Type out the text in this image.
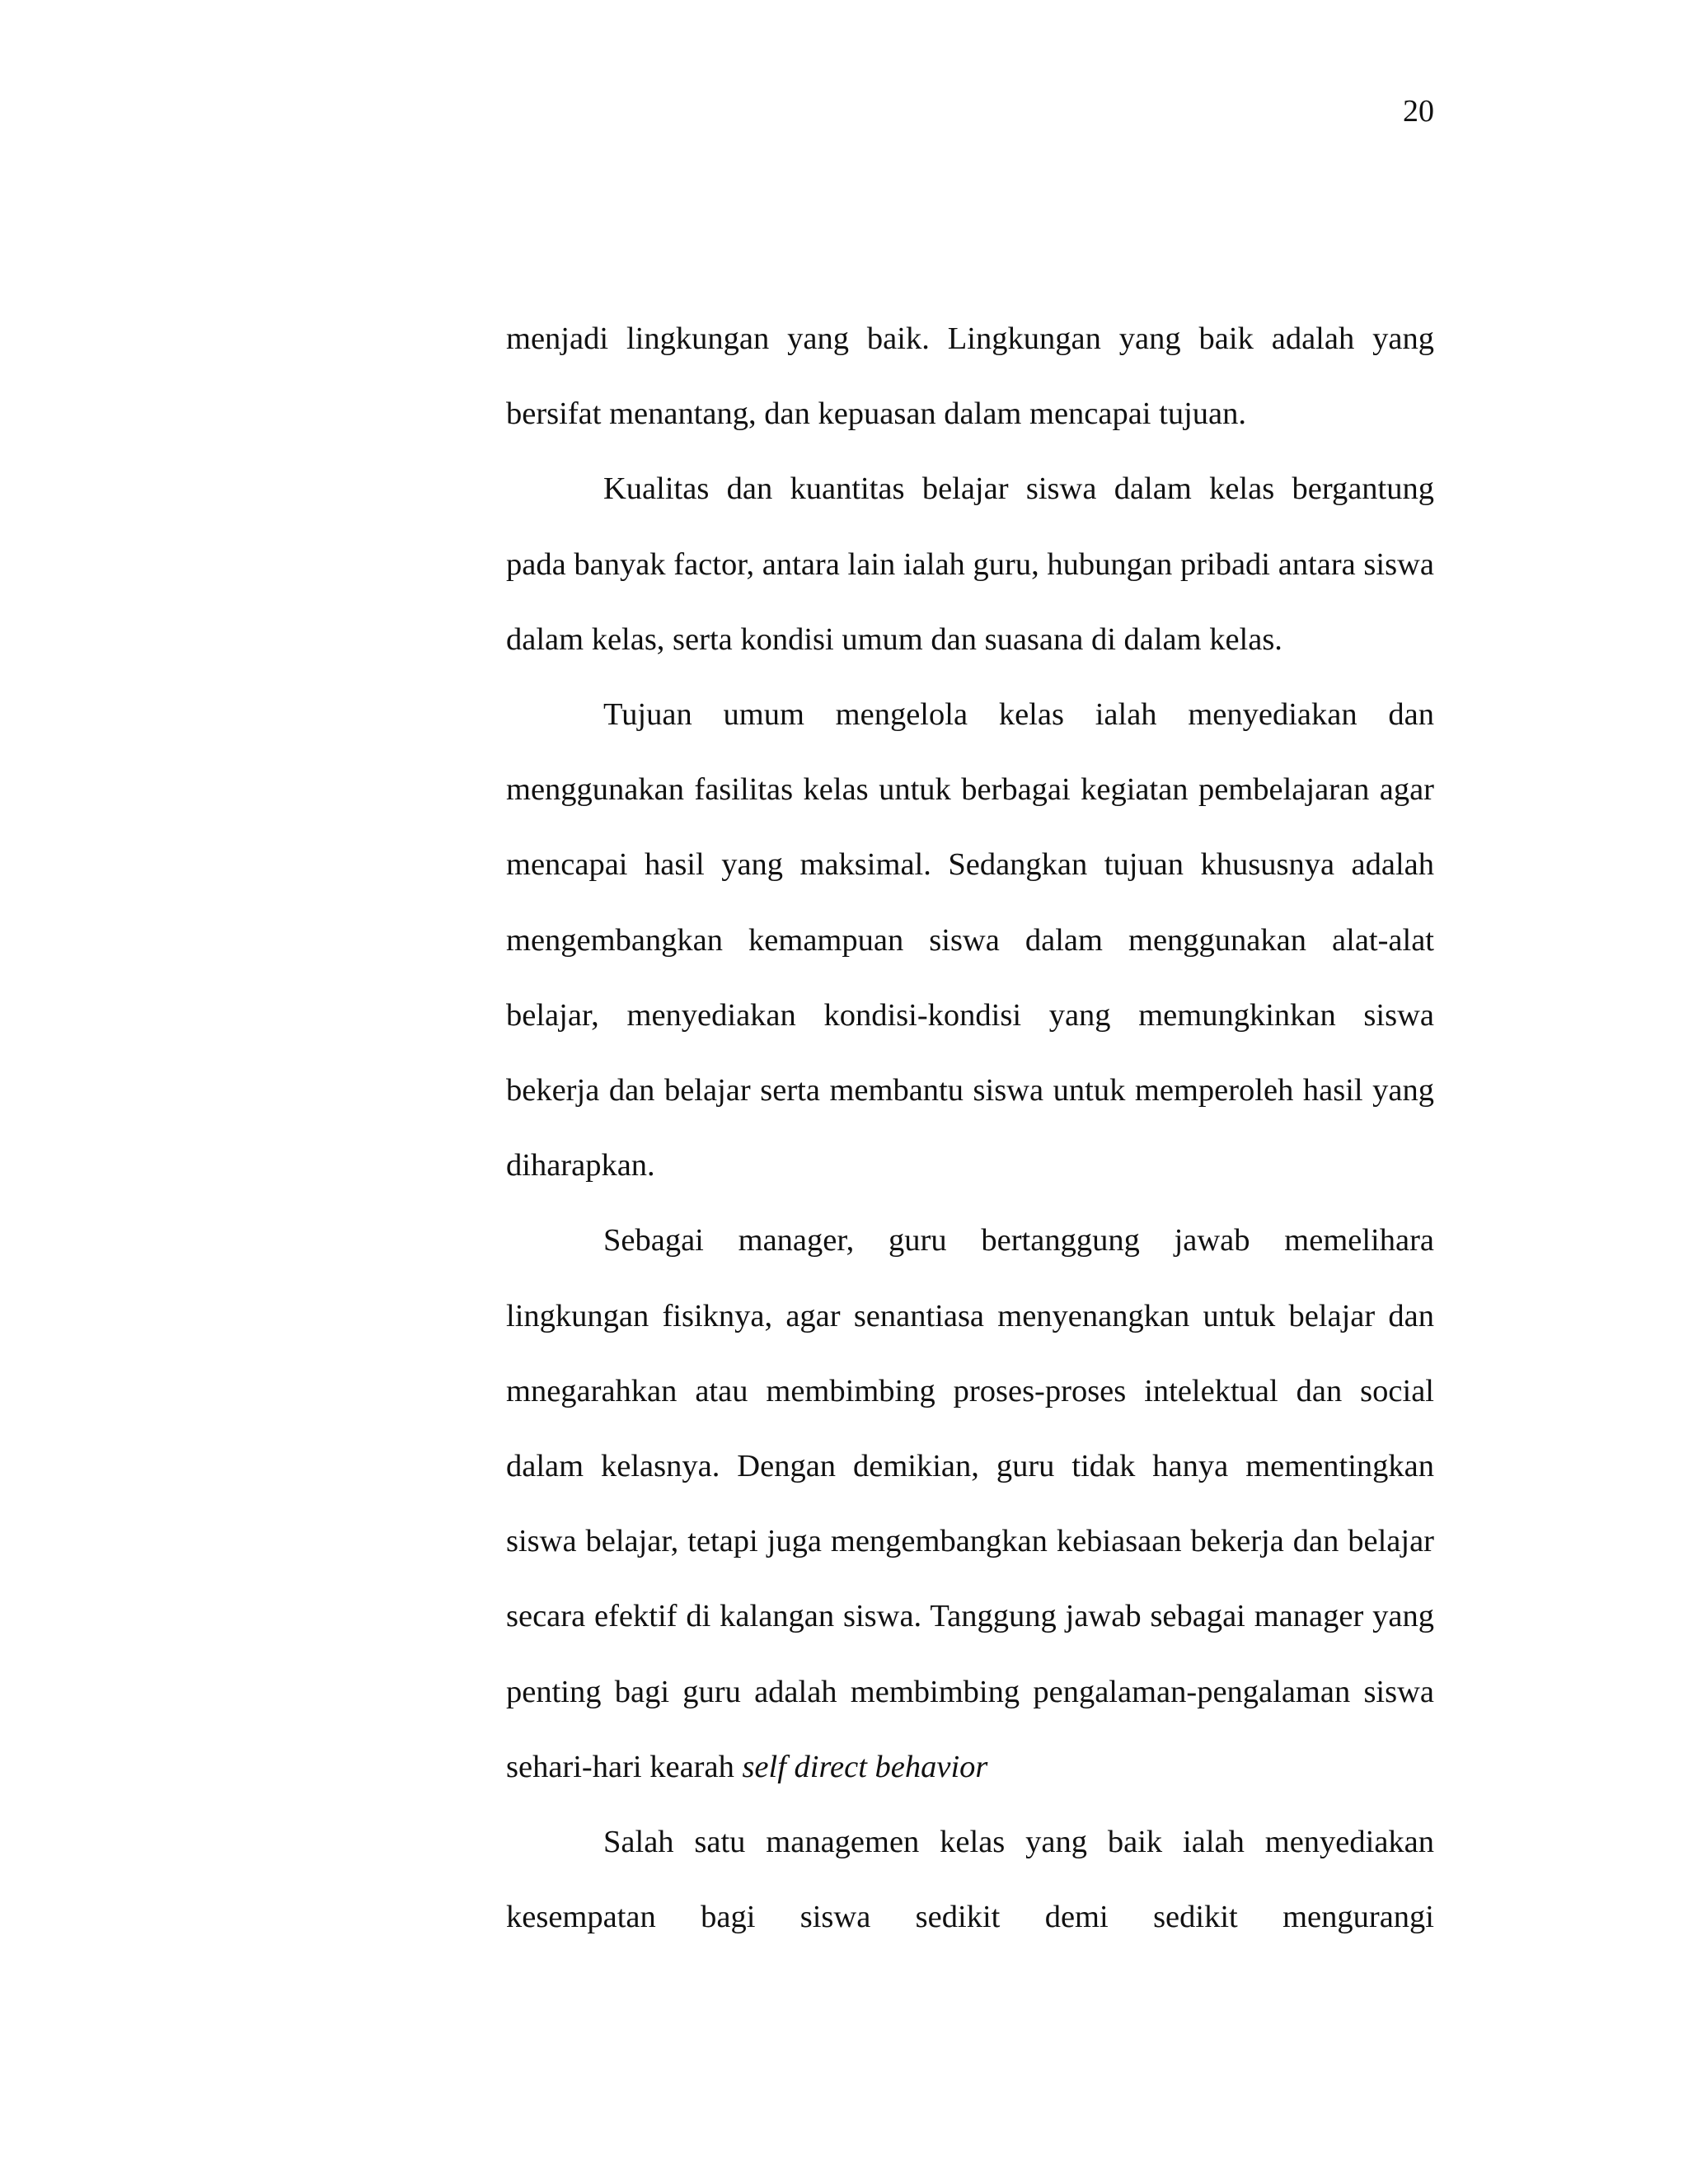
20

menjadi lingkungan yang baik. Lingkungan yang baik adalah yang bersifat menantang, dan kepuasan dalam mencapai tujuan.

Kualitas dan kuantitas belajar siswa dalam kelas bergantung pada banyak factor, antara lain ialah guru, hubungan pribadi antara siswa dalam kelas, serta kondisi umum dan suasana di dalam kelas.

Tujuan umum mengelola kelas ialah menyediakan dan menggunakan fasilitas kelas untuk berbagai kegiatan pembelajaran agar mencapai hasil yang maksimal. Sedangkan tujuan khususnya adalah mengembangkan kemampuan siswa dalam menggunakan alat-alat belajar, menyediakan kondisi-kondisi yang memungkinkan siswa bekerja dan belajar serta membantu siswa untuk memperoleh hasil yang diharapkan.

Sebagai manager, guru bertanggung jawab memelihara lingkungan fisiknya, agar senantiasa menyenangkan untuk belajar dan mnegarahkan atau membimbing proses-proses intelektual dan social dalam kelasnya. Dengan demikian, guru tidak hanya mementingkan siswa belajar, tetapi juga mengembangkan kebiasaan bekerja dan belajar secara efektif di kalangan siswa. Tanggung jawab sebagai manager yang penting bagi guru adalah membimbing pengalaman-pengalaman siswa sehari-hari kearah self direct behavior

Salah satu managemen kelas yang baik ialah menyediakan kesempatan bagi siswa sedikit demi sedikit mengurangi
